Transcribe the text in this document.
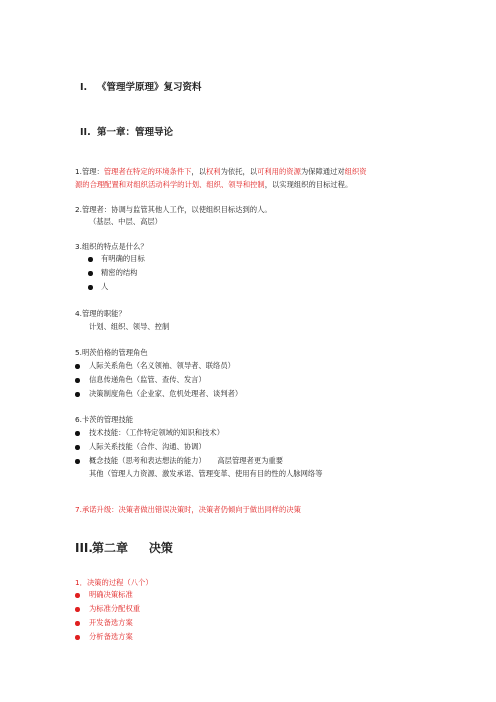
I. 《管理学原理》复习资料
II. 第一章：管理导论
1.管理：管理者在特定的环境条件下，以权利为依托，以可利用的资源为保障通过对组织资
源的合理配置和对组织活动科学的计划、组织、领导和控制，以实现组织的目标过程。
2.管理者：协调与监管其他人工作，以使组织目标达到的人。
（基层、中层、高层）
3.组织的特点是什么？
有明确的目标
精密的结构
人
4.管理的职能？
计划、组织、领导、控制
5.明茨伯格的管理角色
人际关系角色（名义领袖、领导者、联络员）
信息传递角色（监管、查传、发言）
决策制度角色（企业家、危机处理者、谈判者）
6.卡茨的管理技能
技术技能：（工作特定领域的知识和技术）
人际关系技能（合作、沟通、协调）
概念技能（思考和表达想法的能力）     高层管理者更为重要
其他（管理人力资源、激发承诺、管理变革、使用有目的性的人脉网络等
7.承诺升级：决策者做出错误决策时，决策者仍倾向于做出同样的决策
III. 第二章     决策
1．决策的过程（八个）
明确决策标准
为标准分配权重
开发备选方案
分析备选方案
